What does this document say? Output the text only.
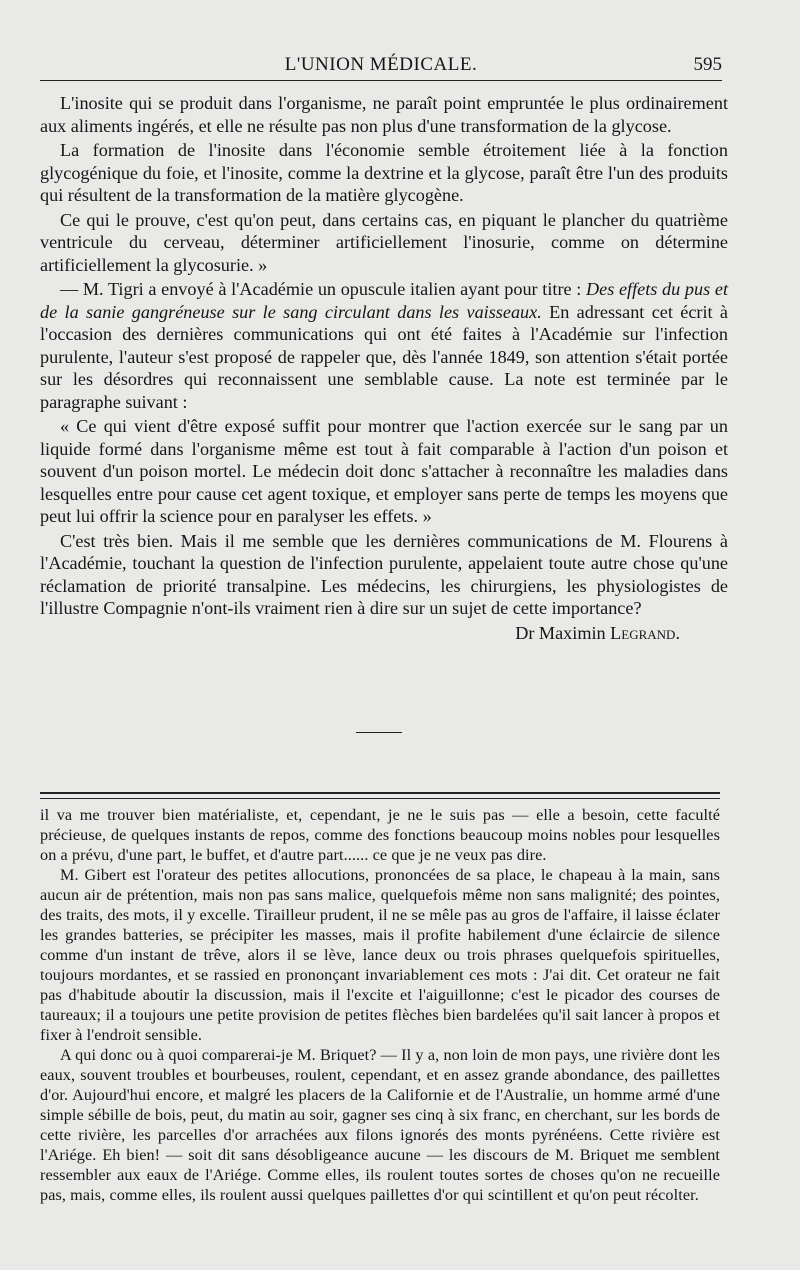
L'UNION MÉDICALE.	595

L'inosite qui se produit dans l'organisme, ne paraît point empruntée le plus ordinairement aux aliments ingérés, et elle ne résulte pas non plus d'une transformation de la glycose.

La formation de l'inosite dans l'économie semble étroitement liée à la fonction glycogénique du foie, et l'inosite, comme la dextrine et la glycose, paraît être l'un des produits qui résultent de la transformation de la matière glycogène.

Ce qui le prouve, c'est qu'on peut, dans certains cas, en piquant le plancher du quatrième ventricule du cerveau, déterminer artificiellement l'inosurie, comme on détermine artificiellement la glycosurie. »

— M. Tigri a envoyé à l'Académie un opuscule italien ayant pour titre : Des effets du pus et de la sanie gangréneuse sur le sang circulant dans les vaisseaux. En adressant cet écrit à l'occasion des dernières communications qui ont été faites à l'Académie sur l'infection purulente, l'auteur s'est proposé de rappeler que, dès l'année 1849, son attention s'était portée sur les désordres qui reconnaissent une semblable cause. La note est terminée par le paragraphe suivant :

« Ce qui vient d'être exposé suffit pour montrer que l'action exercée sur le sang par un liquide formé dans l'organisme même est tout à fait comparable à l'action d'un poison et souvent d'un poison mortel. Le médecin doit donc s'attacher à reconnaître les maladies dans lesquelles entre pour cause cet agent toxique, et employer sans perte de temps les moyens que peut lui offrir la science pour en paralyser les effets. »

C'est très bien. Mais il me semble que les dernières communications de M. Flourens à l'Académie, touchant la question de l'infection purulente, appelaient toute autre chose qu'une réclamation de priorité transalpine. Les médecins, les chirurgiens, les physiologistes de l'illustre Compagnie n'ont-ils vraiment rien à dire sur un sujet de cette importance?

Dr Maximin Legrand.

il va me trouver bien matérialiste, et, cependant, je ne le suis pas — elle a besoin, cette faculté précieuse, de quelques instants de repos, comme des fonctions beaucoup moins nobles pour lesquelles on a prévu, d'une part, le buffet, et d'autre part...... ce que je ne veux pas dire.

M. Gibert est l'orateur des petites allocutions, prononcées de sa place, le chapeau à la main, sans aucun air de prétention, mais non pas sans malice, quelquefois même non sans malignité; des pointes, des traits, des mots, il y excelle. Tirailleur prudent, il ne se mêle pas au gros de l'affaire, il laisse éclater les grandes batteries, se précipiter les masses, mais il profite habilement d'une éclaircie de silence comme d'un instant de trêve, alors il se lève, lance deux ou trois phrases quelquefois spirituelles, toujours mordantes, et se rassied en prononçant invariablement ces mots : J'ai dit. Cet orateur ne fait pas d'habitude aboutir la discussion, mais il l'excite et l'aiguillonne; c'est le picador des courses de taureaux; il a toujours une petite provision de petites flèches bien bardelées qu'il sait lancer à propos et fixer à l'endroit sensible.

A qui donc ou à quoi comparerai-je M. Briquet? — Il y a, non loin de mon pays, une rivière dont les eaux, souvent troubles et bourbeuses, roulent, cependant, et en assez grande abondance, des paillettes d'or. Aujourd'hui encore, et malgré les placers de la Californie et de l'Australie, un homme armé d'une simple sébille de bois, peut, du matin au soir, gagner ses cinq à six franc, en cherchant, sur les bords de cette rivière, les parcelles d'or arrachées aux filons ignorés des monts pyrénéens. Cette rivière est l'Ariége. Eh bien! — soit dit sans désobligeance aucune — les discours de M. Briquet me semblent ressembler aux eaux de l'Ariége. Comme elles, ils roulent toutes sortes de choses qu'on ne recueille pas, mais, comme elles, ils roulent aussi quelques paillettes d'or qui scintillent et qu'on peut récolter.
